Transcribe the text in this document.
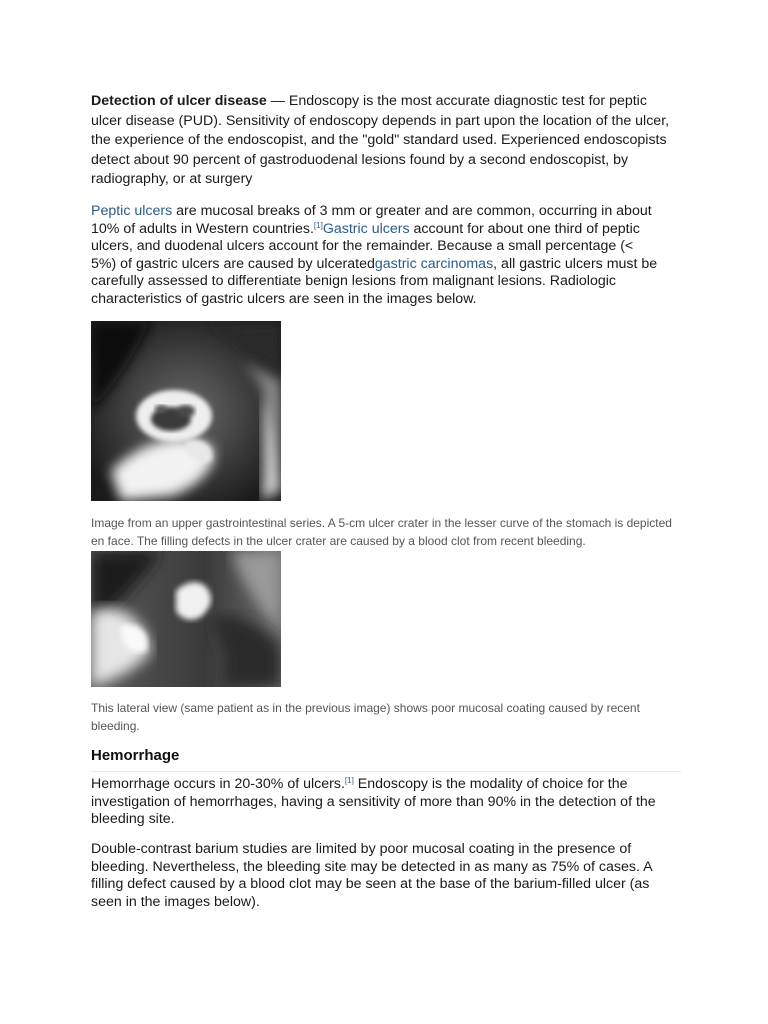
Detection of ulcer disease — Endoscopy is the most accurate diagnostic test for peptic ulcer disease (PUD). Sensitivity of endoscopy depends in part upon the location of the ulcer, the experience of the endoscopist, and the "gold" standard used. Experienced endoscopists detect about 90 percent of gastroduodenal lesions found by a second endoscopist, by radiography, or at surgery

Peptic ulcers are mucosal breaks of 3 mm or greater and are common, occurring in about 10% of adults in Western countries.[1]Gastric ulcers account for about one third of peptic ulcers, and duodenal ulcers account for the remainder. Because a small percentage (< 5%) of gastric ulcers are caused by ulceratedgastric carcinomas, all gastric ulcers must be carefully assessed to differentiate benign lesions from malignant lesions. Radiologic characteristics of gastric ulcers are seen in the images below.

Image from an upper gastrointestinal series. A 5-cm ulcer crater in the lesser curve of the stomach is depicted en face. The filling defects in the ulcer crater are caused by a blood clot from recent bleeding.

This lateral view (same patient as in the previous image) shows poor mucosal coating caused by recent bleeding.

Hemorrhage

Hemorrhage occurs in 20-30% of ulcers.[1] Endoscopy is the modality of choice for the investigation of hemorrhages, having a sensitivity of more than 90% in the detection of the bleeding site.

Double-contrast barium studies are limited by poor mucosal coating in the presence of bleeding. Nevertheless, the bleeding site may be detected in as many as 75% of cases. A filling defect caused by a blood clot may be seen at the base of the barium-filled ulcer (as seen in the images below).
